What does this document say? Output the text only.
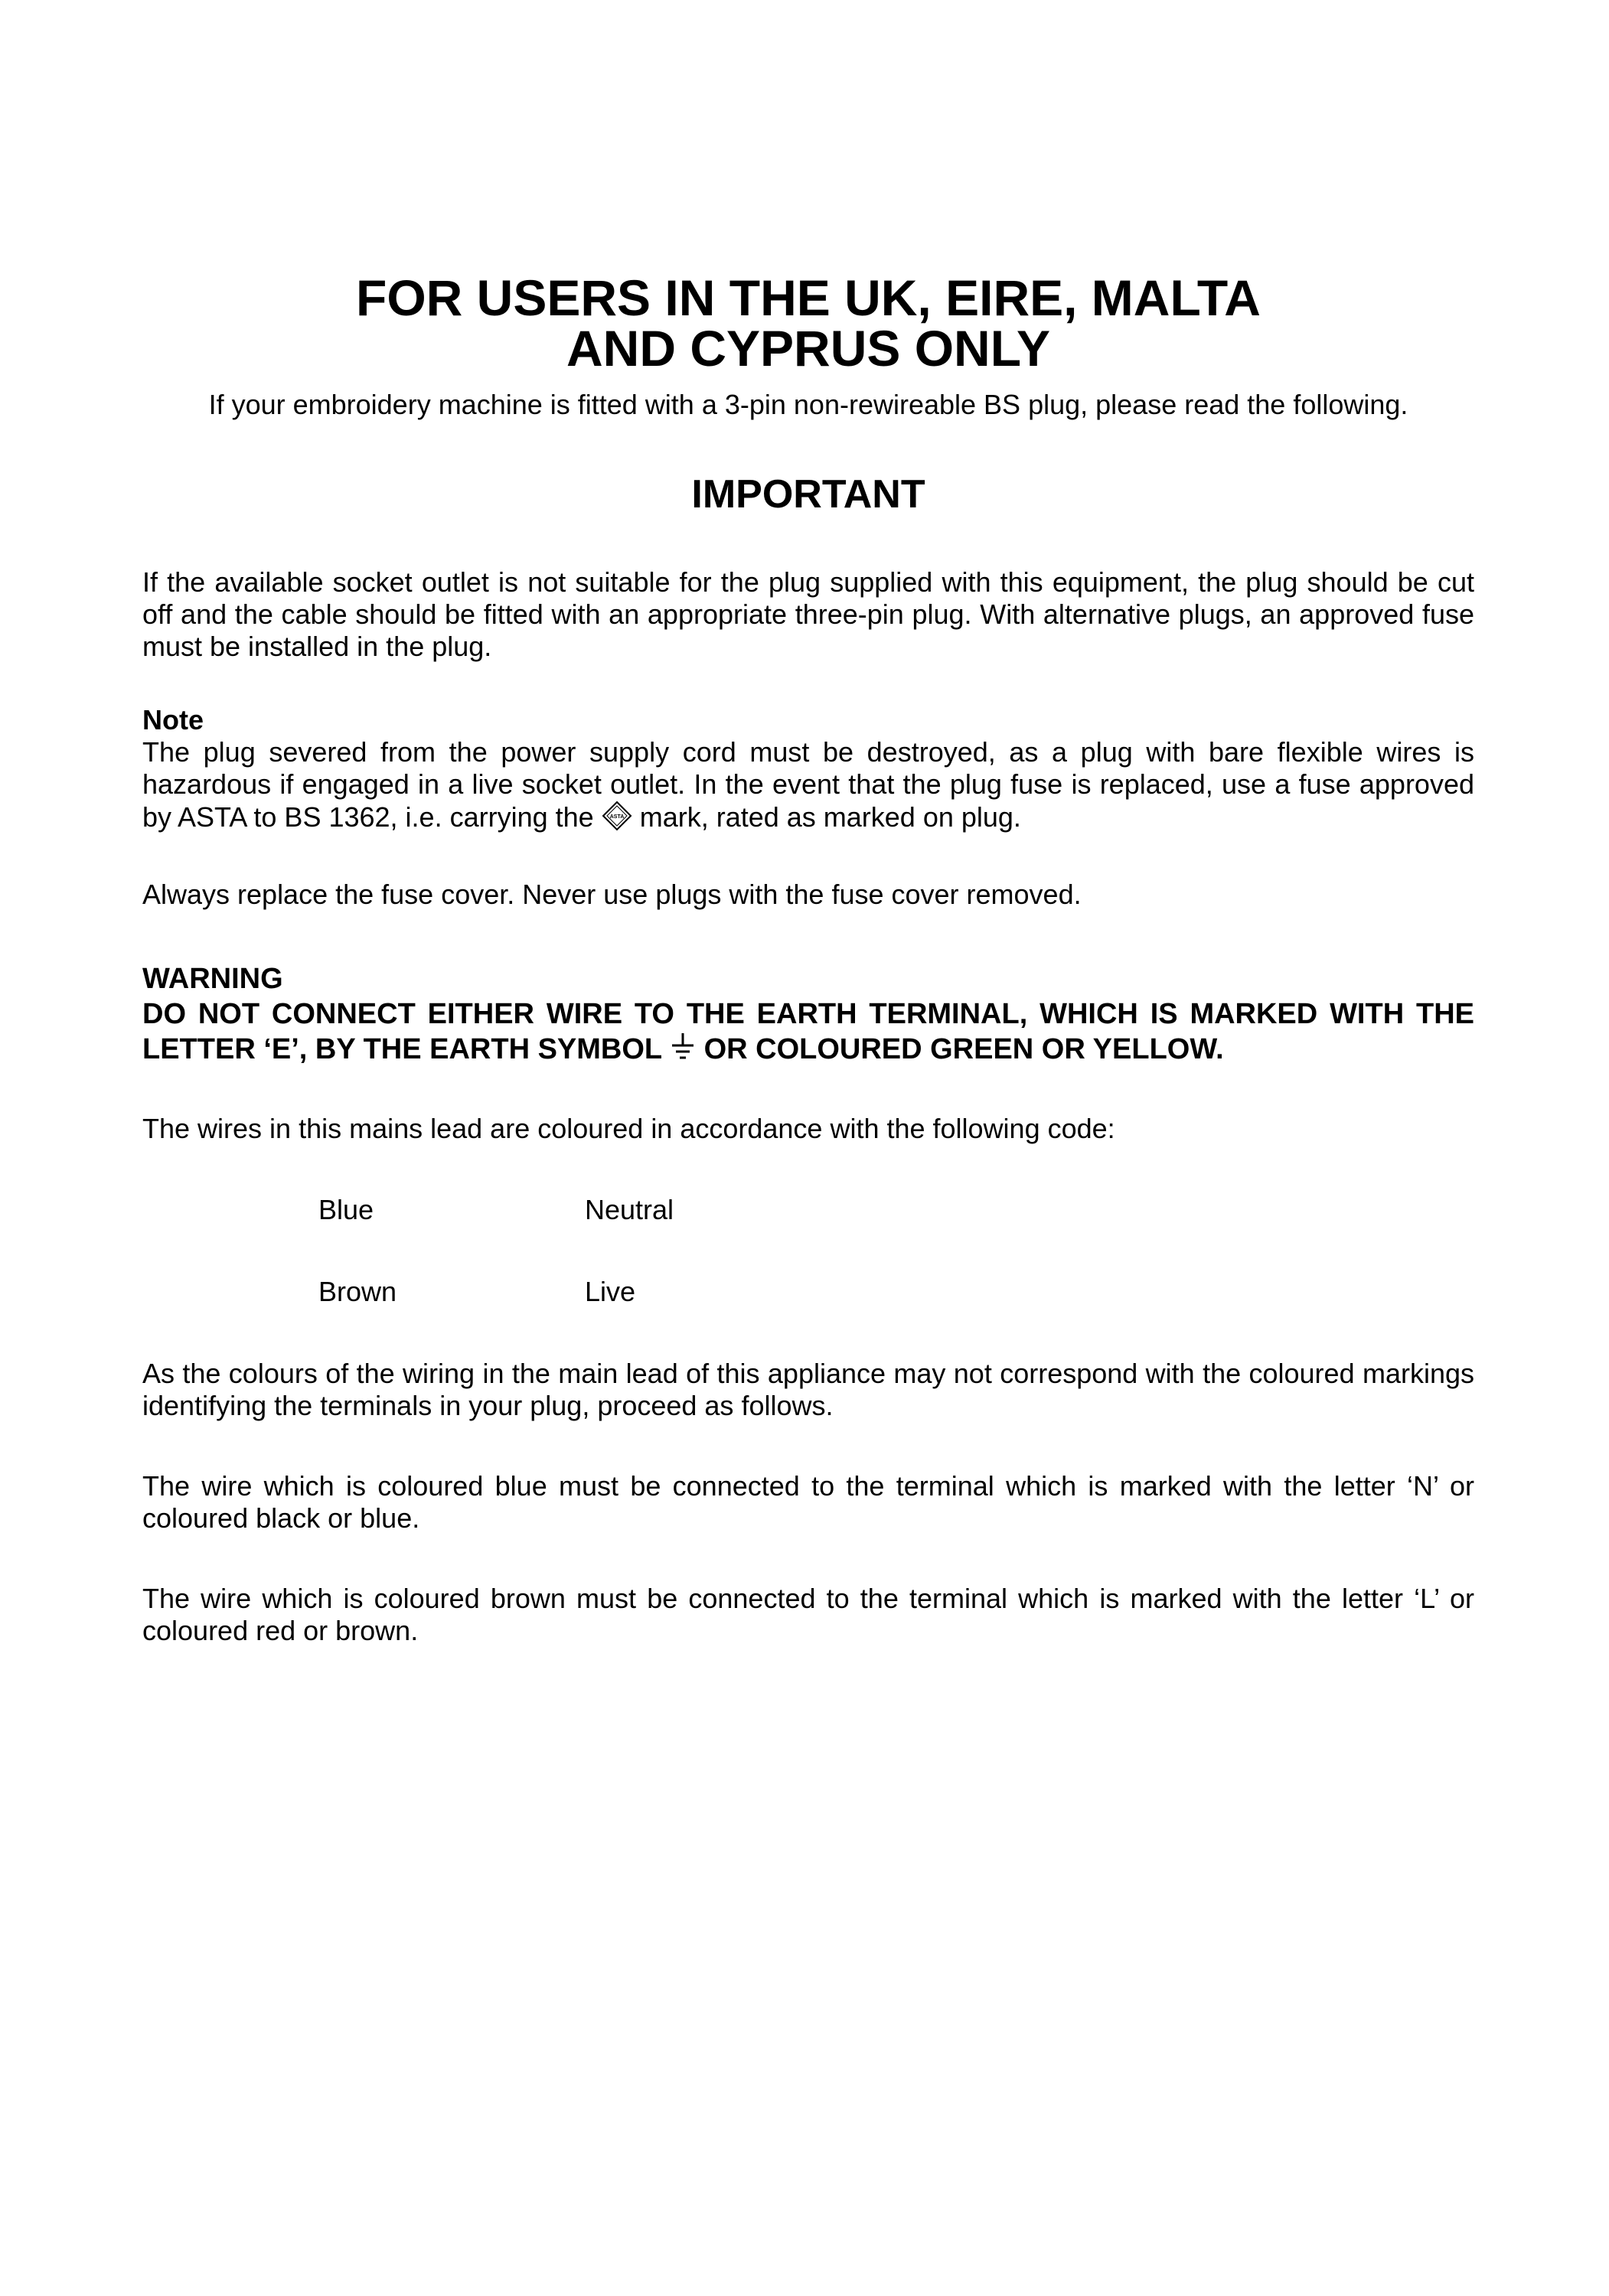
FOR USERS IN THE UK, EIRE, MALTA
AND CYPRUS ONLY

If your embroidery machine is fitted with a 3-pin non-rewireable BS plug, please read the following.

IMPORTANT

If the available socket outlet is not suitable for the plug supplied with this equipment, the plug should be cut off and the cable should be fitted with an appropriate three-pin plug. With alternative plugs, an approved fuse must be installed in the plug.

Note

The plug severed from the power supply cord must be destroyed, as a plug with bare flexible wires is hazardous if engaged in a live socket outlet. In the event that the plug fuse is replaced, use a fuse approved by ASTA to BS 1362, i.e. carrying the	ASTA mark, rated as marked on plug.

Always replace the fuse cover. Never use plugs with the fuse cover removed.

WARNING

DO NOT CONNECT EITHER WIRE TO THE EARTH TERMINAL, WHICH IS MARKED WITH THE LETTER ‘E’, BY THE EARTH SYMBOL OR COLOURED GREEN OR YELLOW.

The wires in this mains lead are coloured in accordance with the following code:

Blue	Neutral
Brown	Live

As the colours of the wiring in the main lead of this appliance may not correspond with the coloured markings identifying the terminals in your plug, proceed as follows.

The wire which is coloured blue must be connected to the terminal which is marked with the letter ‘N’ or coloured black or blue.

The wire which is coloured brown must be connected to the terminal which is marked with the letter ‘L’ or coloured red or brown.
